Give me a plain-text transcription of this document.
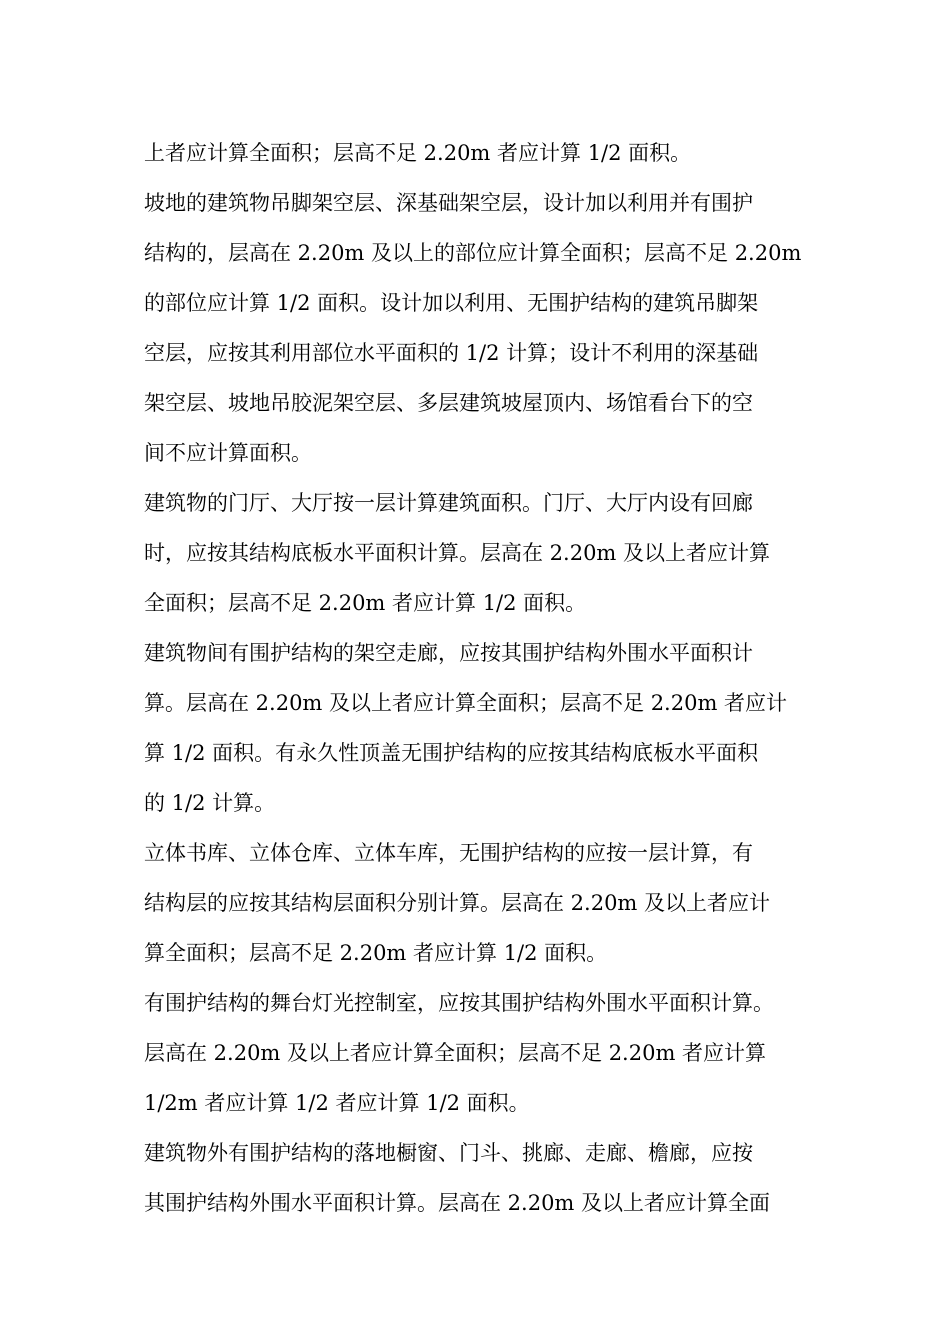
上者应计算全面积；层高不足 2.20m 者应计算 1/2 面积。
坡地的建筑物吊脚架空层、深基础架空层，设计加以利用并有围护
结构的，层高在 2.20m 及以上的部位应计算全面积；层高不足 2.20m
的部位应计算 1/2 面积。设计加以利用、无围护结构的建筑吊脚架
空层，应按其利用部位水平面积的 1/2 计算；设计不利用的深基础
架空层、坡地吊胶泥架空层、多层建筑坡屋顶内、场馆看台下的空
间不应计算面积。
建筑物的门厅、大厅按一层计算建筑面积。门厅、大厅内设有回廊
时，应按其结构底板水平面积计算。层高在 2.20m 及以上者应计算
全面积；层高不足 2.20m 者应计算 1/2 面积。
建筑物间有围护结构的架空走廊，应按其围护结构外围水平面积计
算。层高在 2.20m 及以上者应计算全面积；层高不足 2.20m 者应计
算 1/2 面积。有永久性顶盖无围护结构的应按其结构底板水平面积
的 1/2 计算。
立体书库、立体仓库、立体车库，无围护结构的应按一层计算，有
结构层的应按其结构层面积分别计算。层高在 2.20m 及以上者应计
算全面积；层高不足 2.20m 者应计算 1/2 面积。
有围护结构的舞台灯光控制室，应按其围护结构外围水平面积计算。
层高在 2.20m 及以上者应计算全面积；层高不足 2.20m 者应计算
1/2m 者应计算 1/2 者应计算 1/2 面积。
建筑物外有围护结构的落地橱窗、门斗、挑廊、走廊、檐廊，应按
其围护结构外围水平面积计算。层高在 2.20m 及以上者应计算全面
